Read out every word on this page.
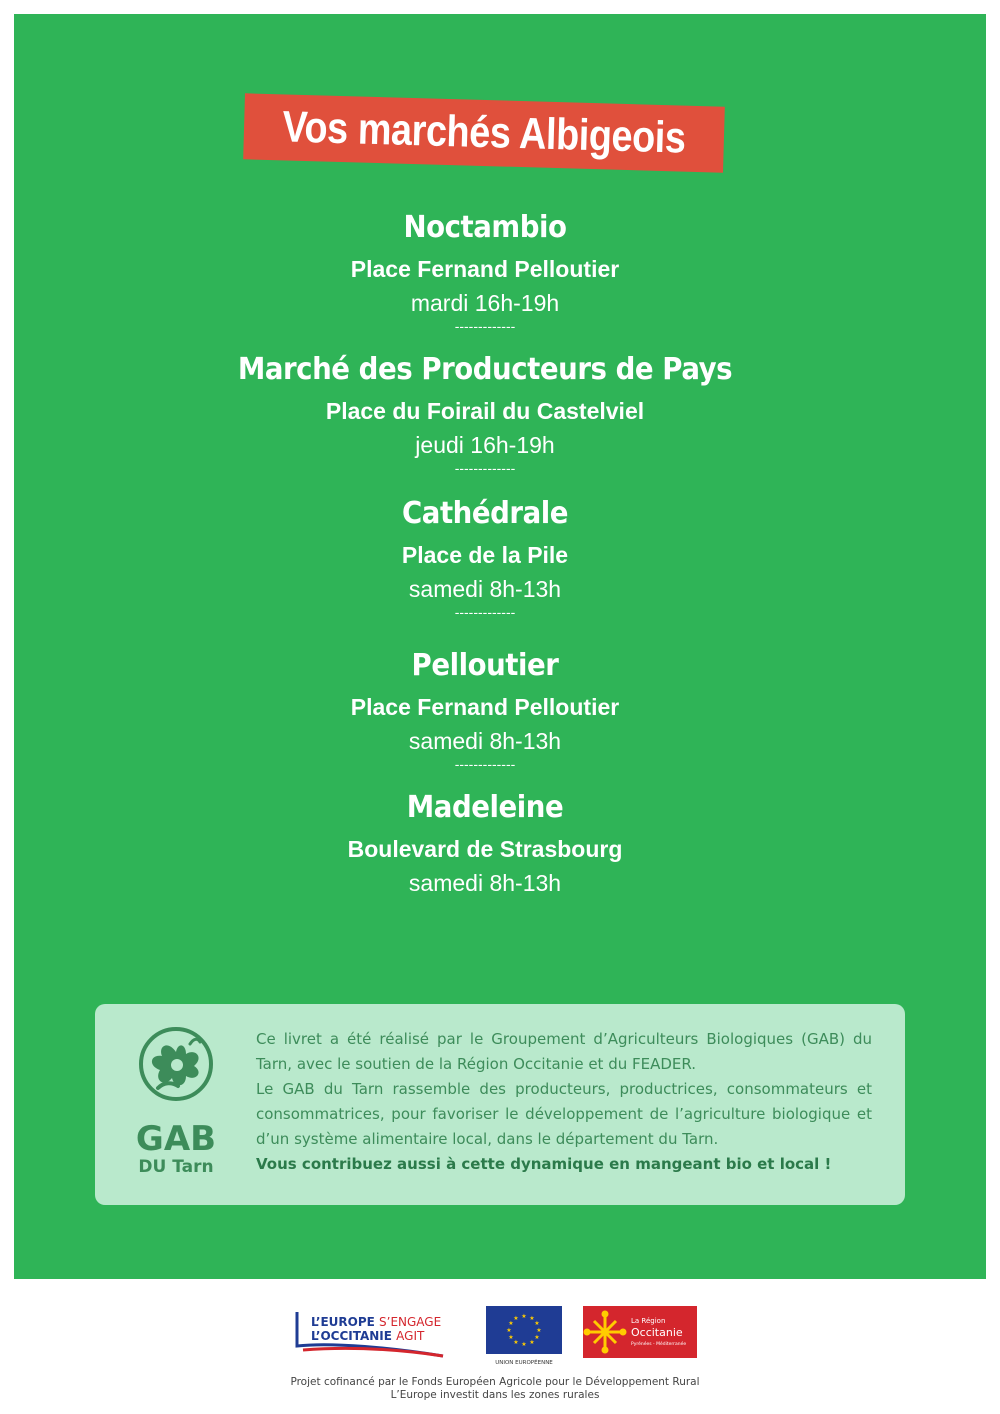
Vos marchés Albigeois
Noctambio
Place Fernand Pelloutier
mardi 16h-19h
-------------
Marché des Producteurs de Pays
Place du Foirail du Castelviel
jeudi 16h-19h
-------------
Cathédrale
Place de la Pile
samedi 8h-13h
-------------
Pelloutier
Place Fernand Pelloutier
samedi 8h-13h
-------------
Madeleine
Boulevard de Strasbourg
samedi 8h-13h
GAB
DU Tarn

Ce livret a été réalisé par le Groupement d’Agriculteurs Biologiques (GAB) du Tarn, avec le soutien de la Région Occitanie et du FEADER.

Le GAB du Tarn rassemble des producteurs, productrices, consommateurs et consommatrices, pour favoriser le développement de l’agriculture biologique et d’un système alimentaire local, dans le département du Tarn.

Vous contribuez aussi à cette dynamique en mangeant bio et local !

L’EUROPE S’ENGAGE
L’OCCITANIE AGIT
★ ★
★
★
★
★
★
★
★
★
★
★
UNION EUROPÉENNE
La Région
Occitanie
Pyrénées - Méditerranée
Projet cofinancé par le Fonds Européen Agricole pour le Développement Rural
L’Europe investit dans les zones rurales
